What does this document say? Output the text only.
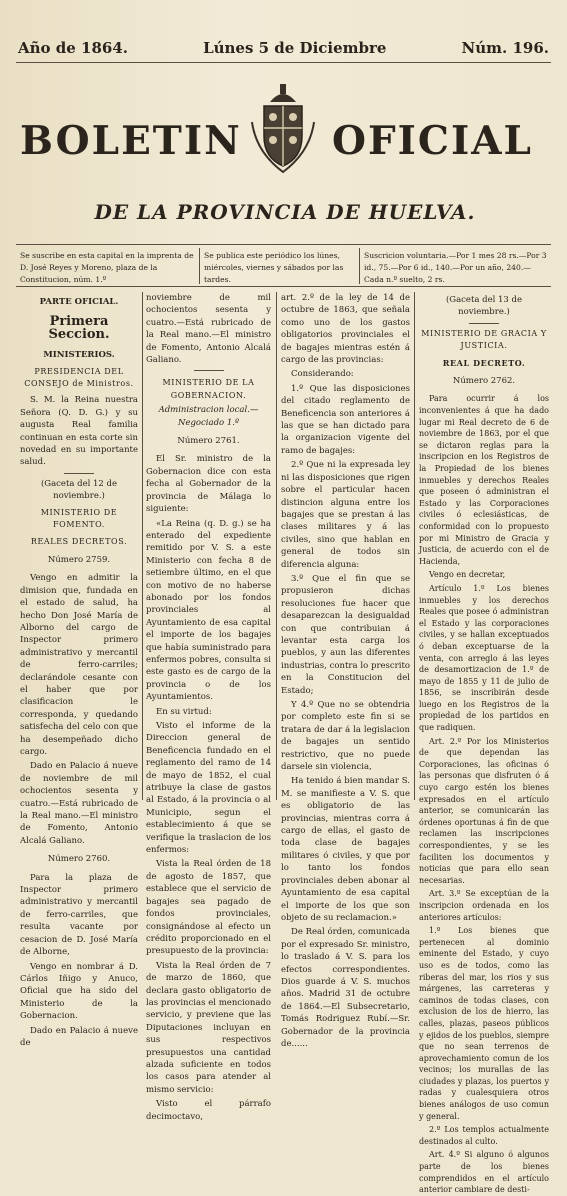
Año de 1864.	Lúnes 5 de Diciembre	Núm. 196.
BOLETIN OFICIAL
DE LA PROVINCIA DE HUELVA.
Se suscribe en esta capital en la imprenta de D. José Reyes y Moreno, plaza de la Constitucion, núm. 1.º
Se publica este periódico los lúnes, miércoles, viernes y sábados por las tardes.
Suscricion voluntaria.—Por 1 mes 28 rs.—Por 3 id., 75.—Por 6 id., 140.—Por un año, 240.—Cada n.º suelto, 2 rs.
PARTE OFICIAL.
Primera Seccion.
MINISTERIOS.
PRESIDENCIA DEL CONSEJO de Ministros.
S. M. la Reina nuestra Señora (Q. D. G.) y su augusta Real familia continuan en esta corte sin novedad en su importante salud.
(Gaceta del 12 de noviembre.)
MINISTERIO DE FOMENTO.
REALES DECRETOS.
Número 2759.
Vengo en admitir la dimision que, fundada en el estado de salud, ha hecho Don José María de Alborno del cargo de Inspector primero administrativo y mercantil de ferro-carriles; declarándole cesante con el haber que por clasificacion le corresponda, y quedando satisfecha del celo con que ha desempeñado dicho cargo.
Dado en Palacio á nueve de noviembre de mil ochocientos sesenta y cuatro.—Está rubricado de la Real mano.—El ministro de Fomento, Antonio Alcalá Galiano.
Número 2760.
Para la plaza de Inspector primero administrativo y mercantil de ferro-carriles, que resulta vacante por cesacion de D. José María de Alborne,
Vengo en nombrar á D. Cárlos Iñigo y Anuco, Oficial que ha sido del Ministerio de la Gobernacion.
Dado en Palacio á nueve de
noviembre de mil ochocientos sesenta y cuatro.—Está rubricado de la Real mano.—El ministro de Fomento, Antonio Alcalá Galiano.
MINISTERIO DE LA GOBERNACION.
Administracion local.—Negociado 1.º
Número 2761.
El Sr. ministro de la Gobernacion dice con esta fecha al Gobernador de la provincia de Málaga lo siguiente:
«La Reina (q. D. g.) se ha enterado del expediente remitido por V. S. a este Ministerio con fecha 8 de setiembre último, en el que con motivo de no haberse abonado por los fondos provinciales al Ayuntamiento de esa capital el importe de los bagajes que había suministrado para enfermos pobres, consulta si este gasto es de cargo de la provincia o de los Ayuntamientos.
En su virtud:
Visto el informe de la Direccion general de Beneficencia fundado en el reglamento del ramo de 14 de mayo de 1852, el cual atribuye la clase de gastos al Estado, á la provincia o al Municipio, segun el establecimiento á que se verifique la traslacion de los enfermos:
Vista la Real órden de 18 de agosto de 1857, que establece que el servicio de bagajes sea pagado de fondos provinciales, consignándose al efecto un crédito proporcionado en el presupuesto de la provincia:
Vista la Real órden de 7 de marzo de 1860, que declara gasto obligatorio de las provincias el mencionado servicio, y previene que las Diputaciones incluyan en sus respectivos presupuestos una cantidad alzada suficiente en todos los casos para atender al mismo servicio:
Visto el párrafo decimoctavo,
art. 2.º de la ley de 14 de octubre de 1863, que señala como uno de los gastos obligatorios provinciales el de bagajes mientras estén á cargo de las provincias:
Considerando:
1.º Que las disposiciones del citado reglamento de Beneficencia son anteriores á las que se han dictado para la organizacion vigente del ramo de bagajes:
2.º Que ni la expresada ley ni las disposiciones que rigen sobre el particular hacen distincion alguna entre los bagajes que se prestan á las clases militares y á las civiles, sino que hablan en general de todos sin diferencia alguna:
3.º Que el fin que se propusieron dichas resoluciones fue hacer que desaparezcan la desigualdad con que contribuian á levantar esta carga los pueblos, y aun las diferentes industrias, contra lo prescrito en la Constitucion del Estado;
Y 4.º Que no se obtendria por completo este fin si se tratara de dar á la legislacion de bagajes un sentido restrictivo, que no puede darsele sin violencia,
Ha tenido á bien mandar S. M. se manifieste a V. S. que es obligatorio de las provincias, mientras corra á cargo de ellas, el gasto de toda clase de bagajes militares ó civiles, y que por lo tanto los fondos provinciales deben abonar al Ayuntamiento de esa capital el importe de los que son objeto de su reclamacion.»
De Real órden, comunicada por el expresado Sr. ministro, lo traslado á V. S. para los efectos correspondientes. Dios guarde á V. S. muchos años. Madrid 31 de octubre de 1864.—El Subsecretario, Tomás Rodriguez Rubí.—Sr. Gobernador de la provincia de......
(Gaceta del 13 de noviembre.)
MINISTERIO DE GRACIA Y JUSTICIA.
REAL DECRETO.
Número 2762.
Para ocurrir á los inconvenientes á que ha dado lugar mi Real decreto de 6 de noviembre de 1863, por el que se dictaron reglas para la inscripcion en los Registros de la Propiedad de los bienes inmuebles y derechos Reales que poseen ó administran el Estado y las Corporaciones civiles ó eclesiásticas, de conformidad con lo propuesto por mi Ministro de Gracia y Justicia, de acuerdo con el de Hacienda,
Vengo en decretar,
Artículo 1.º Los bienes inmuebles y los derechos Reales que posee ó administran el Estado y las corporaciones civiles, y se hallan exceptuados ó deban exceptuarse de la venta, con arreglo á las leyes de desamortizacion de 1.º de mayo de 1855 y 11 de julio de 1856, se inscribirán desde luego en los Registros de la propiedad de los partidos en que radiquen.
Art. 2.º Por los Ministerios de que dependan las Corporaciones, las oficinas ó las personas que disfruten ó á cuyo cargo estén los bienes expresados en el artículo anterior, se comunicarán las órdenes oportunas á fin de que reclamen las inscripciones correspondientes, y se les faciliten los documentos y noticias que para ello sean necesarias.
Art. 3.º Se exceptúan de la inscripcion ordenada en los anteriores artículos:
1.º Los bienes que pertenecen al dominio eminente del Estado, y cuyo uso es de todos, como las riberas del mar, los rios y sus márgenes, las carreteras y caminos de todas clases, con exclusion de los de hierro, las calles, plazas, paseos públicos y ejidos de los pueblos, siempre que no sean terrenos de aprovechamiento comun de los vecinos; los murallas de las ciudades y plazas, los puertos y radas y cualesquiera otros bienes análogos de uso comun y general.
2.º Los templos actualmente destinados al culto.
Art. 4.º Si alguno ó algunos parte de los bienes comprendidos en el artículo anterior cambiare de desti-
